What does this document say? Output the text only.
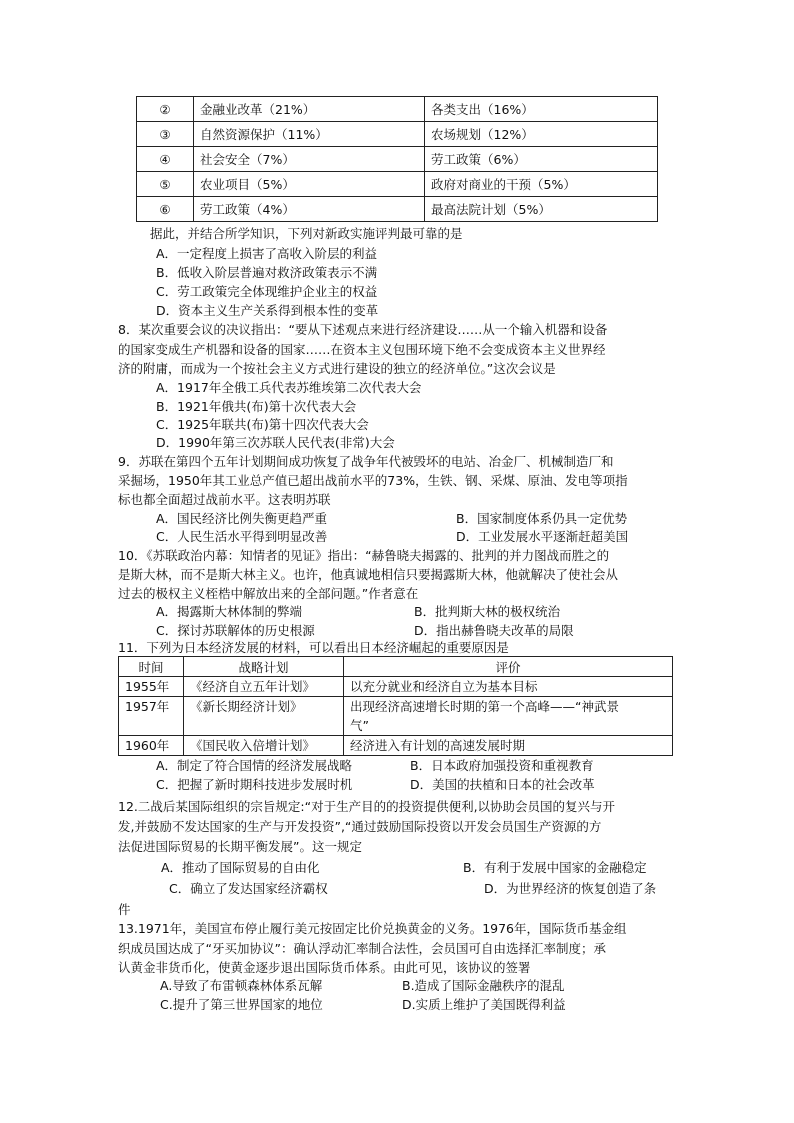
②	金融业改革（21%）	各类支出（16%）
③	自然资源保护（11%）	农场规划（12%）
④	社会安全（7%）	劳工政策（6%）
⑤	农业项目（5%）	政府对商业的干预（5%）
⑥	劳工政策（4%）	最高法院计划（5%）
据此，并结合所学知识，下列对新政实施评判最可靠的是
A．一定程度上损害了高收入阶层的利益
B．低收入阶层普遍对救济政策表示不满
C．劳工政策完全体现维护企业主的权益
D．资本主义生产关系得到根本性的变革
8．某次重要会议的决议指出：“要从下述观点来进行经济建设……从一个输入机器和设备
的国家变成生产机器和设备的国家……在资本主义包围环境下绝不会变成资本主义世界经
济的附庸，而成为一个按社会主义方式进行建设的独立的经济单位。”这次会议是
A．1917年全俄工兵代表苏维埃第二次代表大会
B．1921年俄共(布)第十次代表大会
C．1925年联共(布)第十四次代表大会
D．1990年第三次苏联人民代表(非常)大会
9．苏联在第四个五年计划期间成功恢复了战争年代被毁坏的电站、冶金厂、机械制造厂和
采掘场，1950年其工业总产值已超出战前水平的73%，生铁、钢、采煤、原油、发电等项指
标也都全面超过战前水平。这表明苏联
A．国民经济比例失衡更趋严重	B．国家制度体系仍具一定优势
C．人民生活水平得到明显改善	D．工业发展水平逐渐赶超美国
10．《苏联政治内幕：知情者的见证》指出：“赫鲁晓夫揭露的、批判的并力图战而胜之的
是斯大林，而不是斯大林主义。也许，他真诚地相信只要揭露斯大林，他就解决了使社会从
过去的极权主义桎梏中解放出来的全部问题。”作者意在
A．揭露斯大林体制的弊端	B．批判斯大林的极权统治
C．探讨苏联解体的历史根源	D．指出赫鲁晓夫改革的局限
11．下列为日本经济发展的材料，可以看出日本经济崛起的重要原因是
时间	战略计划	评价
1955年	《经济自立五年计划》	以充分就业和经济自立为基本目标
1957年	《新长期经济计划》	出现经济高速增长时期的第一个高峰——“神武景
气”

1960年	《国民收入倍增计划》	经济进入有计划的高速发展时期
A．制定了符合国情的经济发展战略	B．日本政府加强投资和重视教育
C．把握了新时期科技进步发展时机	D．美国的扶植和日本的社会改革
12.二战后某国际组织的宗旨规定:“对于生产目的的投资提供便利,以协助会员国的复兴与开
发,并鼓励不发达国家的生产与开发投资”,“通过鼓励国际投资以开发会员国生产资源的方
法促进国际贸易的长期平衡发展”。这一规定
A．推动了国际贸易的自由化	B．有利于发展中国家的金融稳定
C．确立了发达国家经济霸权	D．为世界经济的恢复创造了条
件
13.1971年，美国宣布停止履行美元按固定比价兑换黄金的义务。1976年，国际货币基金组
织成员国达成了“牙买加协议”：确认浮动汇率制合法性，会员国可自由选择汇率制度；承
认黄金非货币化，使黄金逐步退出国际货币体系。由此可见，该协议的签署
A.导致了布雷顿森林体系瓦解	B.造成了国际金融秩序的混乱
C.提升了第三世界国家的地位	D.实质上维护了美国既得利益
